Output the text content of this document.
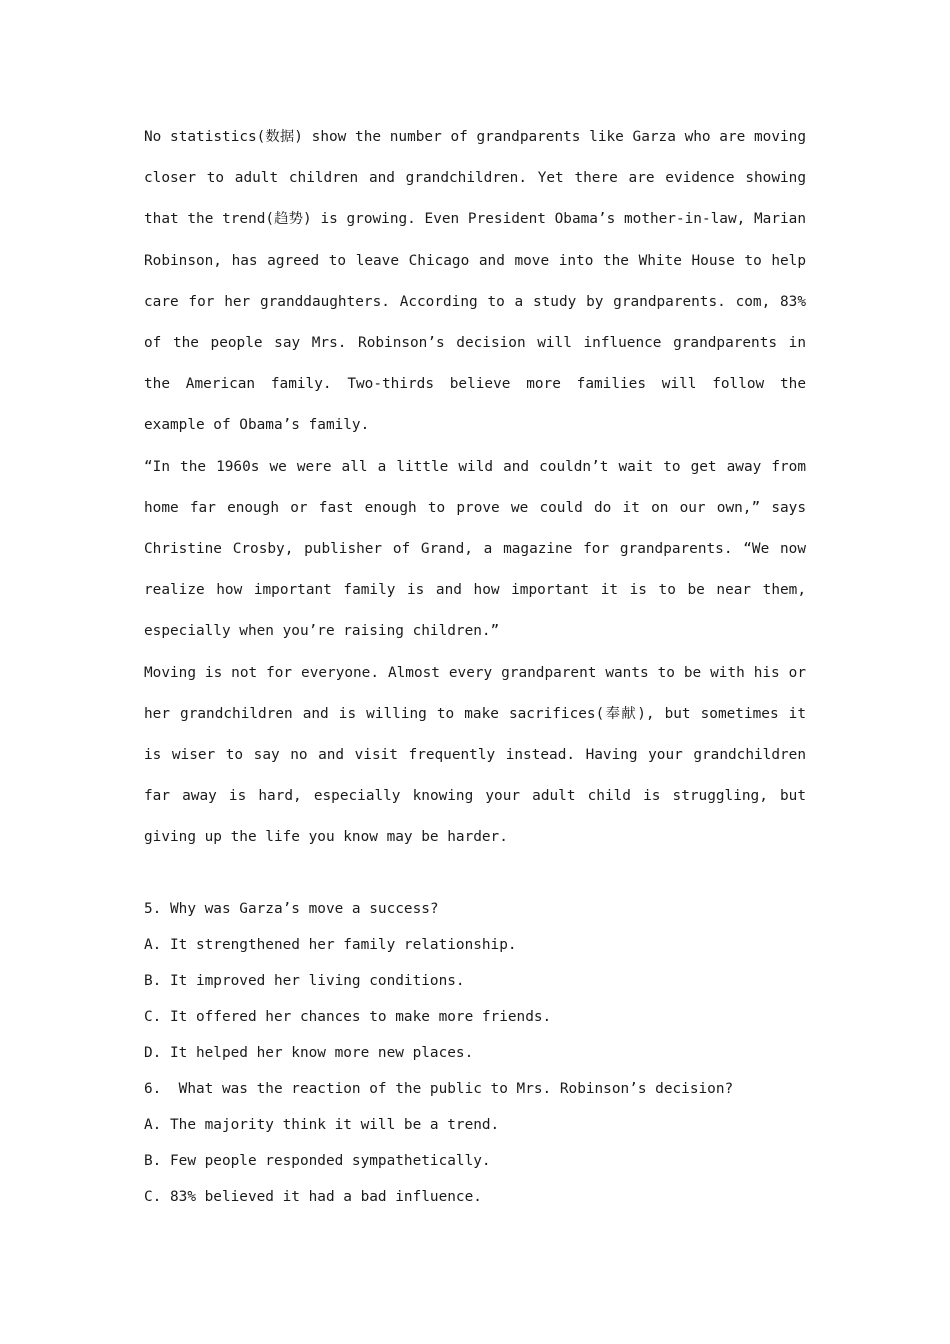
No statistics(数据) show the number of grandparents like Garza who are moving closer to adult children and grandchildren. Yet there are evidence showing that the trend(趋势) is growing. Even President Obama’s mother-in-law, Marian Robinson, has agreed to leave Chicago and move into the White House to help care for her granddaughters. According to a study by grandparents. com, 83% of the people say Mrs. Robinson’s decision will influence grandparents in the American family. Two-thirds believe more families will follow the example of Obama’s family.

“In the 1960s we were all a little wild and couldn’t wait to get away from home far enough or fast enough to prove we could do it on our own,” says Christine Crosby, publisher of Grand, a magazine for grandparents. “We now realize how important family is and how important it is to be near them, especially when you’re raising children.”

Moving is not for everyone. Almost every grandparent wants to be with his or her grandchildren and is willing to make sacrifices(奉献), but sometimes it is wiser to say no and visit frequently instead. Having your grandchildren far away is hard, especially knowing your adult child is struggling, but giving up the life you know may be harder.

5. Why was Garza’s move a success?

A. It strengthened her family relationship.

B. It improved her living conditions.

C. It offered her chances to make more friends.

D. It helped her know more new places.

6.  What was the reaction of the public to Mrs. Robinson’s decision?

A. The majority think it will be a trend.

B. Few people responded sympathetically.

C. 83% believed it had a bad influence.
